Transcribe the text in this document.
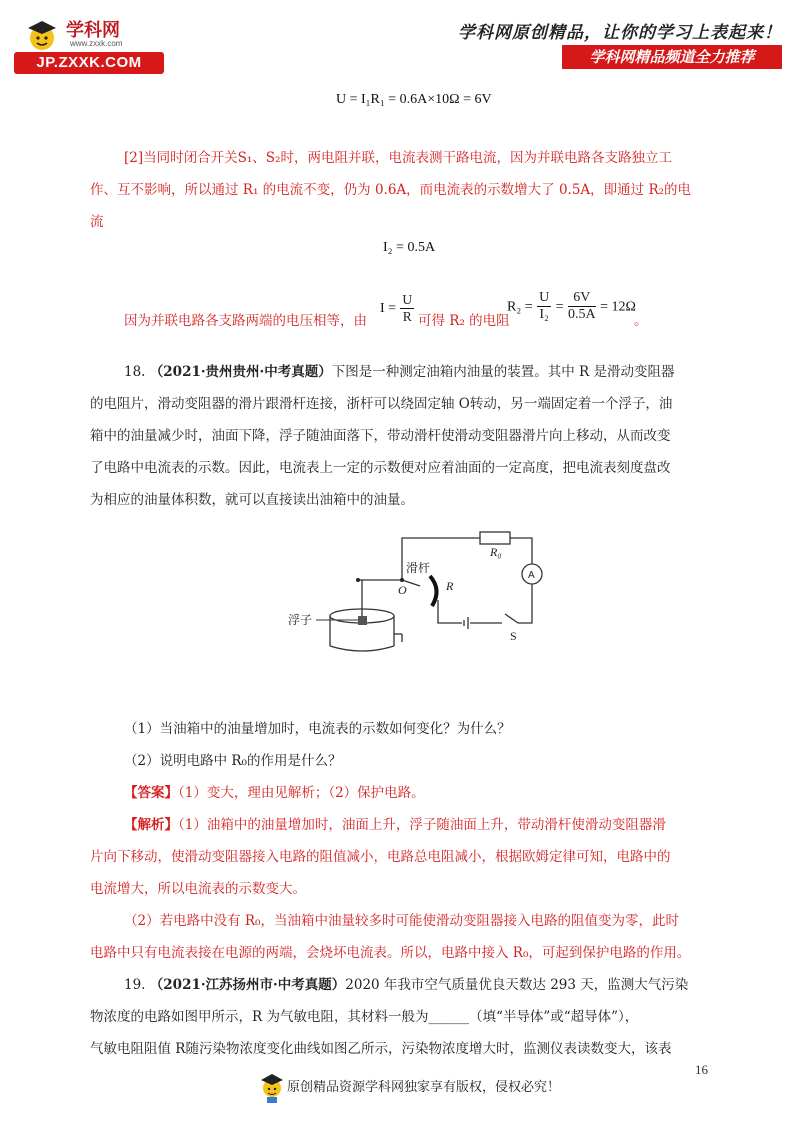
学科网
www.zxxk.com
JP.ZXXK.COM
学科网原创精品，让你的学习上表起来！
学科网精品频道全力推荐
U = I₁R₁ = 0.6A×10Ω = 6V
[2]当同时闭合开关S₁、S₂时，两电阻并联，电流表测干路电流，因为并联电路各支路独立工
作、互不影响，所以通过 R₁ 的电流不变，仍为 0.6A，而电流表的示数增大了 0.5A，即通过 R₂的电
流
I₂ = 0.5A
因为并联电路各支路两端的电压相等，由
$I = \frac{U}{R}$ 可得 R₂ 的电阻
$R_2 = \frac{U}{\text{I₂}} = \frac{6V}{0.5A} = 12\Omega$
。
18. （2021·贵州贵州·中考真题）下图是一种测定油箱内油量的装置。其中 R 是滑动变阻器
的电阻片，滑动变阻器的滑片跟滑杆连接，浙杆可以绕固定轴 O转动，另一端固定着一个浮子，油
箱中的油量减少时，油面下降，浮子随油面落下，带动滑杆使滑动变阻器滑片向上移动，从而改变
了电路中电流表的示数。因此，电流表上一定的示数便对应着油面的一定高度，把电流表刻度盘改
为相应的油量体积数，就可以直接读出油箱中的油量。
R₀
A
滑杆
O	R
浮子
S
（1）当油箱中的油量增加时，电流表的示数如何变化？为什么？
（2）说明电路中 R₀的作用是什么？
【答案】（1）变大，理由见解析；（2）保护电路。
【解析】（1）油箱中的油量增加时，油面上升，浮子随油面上升，带动滑杆使滑动变阻器滑
片向下移动，使滑动变阻器接入电路的阻值减小，电路总电阻减小，根据欧姆定律可知，电路中的
电流增大，所以电流表的示数变大。
（2）若电路中没有 R₀，当油箱中油量较多时可能使滑动变阻器接入电路的阻值变为零，此时
电路中只有电流表接在电源的两端，会烧坏电流表。所以，电路中接入 R₀，可起到保护电路的作用。
19. （2021·江苏扬州市·中考真题）2020 年我市空气质量优良天数达 293 天，监测大气污染
物浓度的电路如图甲所示，R 为气敏电阻，其材料一般为______（填“半导体”或“超导体”），
气敏电阻阻值 R随污染物浓度变化曲线如图乙所示，污染物浓度增大时，监测仪表读数变大，该表
16
原创精品资源学科网独家享有版权，侵权必究！
